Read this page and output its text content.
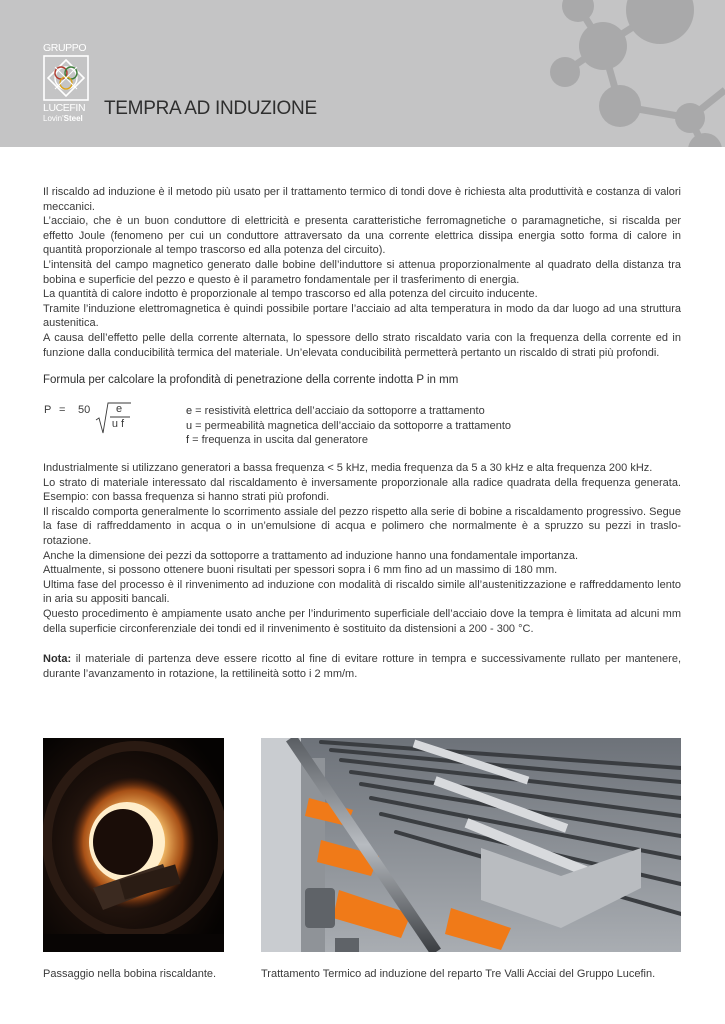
GRUPPO
LUCEFIN
Lovin'Steel	TEMPRA AD INDUZIONE

Il riscaldo ad induzione è il metodo più usato per il trattamento termico di tondi dove è richiesta alta produttività e costanza di valori meccanici.

L’acciaio, che è un buon conduttore di elettricità e presenta caratteristiche ferromagnetiche o paramagnetiche, si riscalda per effetto Joule (fenomeno per cui un conduttore attraversato da una corrente elettrica dissipa energia sotto forma di calore in quantità proporzionale al tempo trascorso ed alla potenza del circuito).

L’intensità del campo magnetico generato dalle bobine dell’induttore si attenua proporzionalmente al quadrato della distanza tra bobina e superficie del pezzo e questo è il parametro fondamentale per il trasferimento di energia.

La quantità di calore indotto è proporzionale al tempo trascorso ed alla potenza del circuito inducente.

Tramite l’induzione elettromagnetica è quindi possibile portare l’acciaio ad alta temperatura in modo da dar luogo ad una struttura austenitica.

A causa dell’effetto pelle della corrente alternata, lo spessore dello strato riscaldato varia con la frequenza della corrente ed in funzione dalla conducibilità termica del materiale. Un’elevata conducibilità permetterà pertanto un riscaldo di strati più profondi.

Formula per calcolare la profondità di penetrazione della corrente indotta P in mm
P = 50	e
u f
e = resistività elettrica dell’acciaio da sottoporre a trattamento
u = permeabilità magnetica dell’acciaio da sottoporre a trattamento
f = frequenza in uscita dal generatore

Industrialmente si utilizzano generatori a bassa frequenza < 5 kHz, media frequenza da 5 a 30 kHz e alta frequenza 200 kHz.

Lo strato di materiale interessato dal riscaldamento è inversamente proporzionale alla radice quadrata della frequenza generata. Esempio: con bassa frequenza si hanno strati più profondi.

Il riscaldo comporta generalmente lo scorrimento assiale del pezzo rispetto alla serie di bobine a riscaldamento progressivo. Segue la fase di raffreddamento in acqua o in un’emulsione di acqua e polimero che normalmente è a spruzzo su pezzi in traslo-rotazione.

Anche la dimensione dei pezzi da sottoporre a trattamento ad induzione hanno una fondamentale importanza.

Attualmente, si possono ottenere buoni risultati per spessori sopra i 6 mm fino ad un massimo di 180 mm.

Ultima fase del processo è il rinvenimento ad induzione con modalità di riscaldo simile all’austenitizzazione e raffreddamento lento in aria su appositi bancali.

Questo procedimento è ampiamente usato anche per l’indurimento superficiale dell’acciaio dove la tempra è limitata ad alcuni mm della superficie circonferenziale dei tondi ed il rinvenimento è sostituito da distensioni a 200 - 300 °C.

Nota: il materiale di partenza deve essere ricotto al fine di evitare rotture in tempra e successivamente rullato per mantenere, durante l’avanzamento in rotazione, la rettilineità sotto i 2 mm/m.

Passaggio nella bobina riscaldante.	Trattamento Termico ad induzione del reparto Tre Valli Acciai del Gruppo Lucefin.
